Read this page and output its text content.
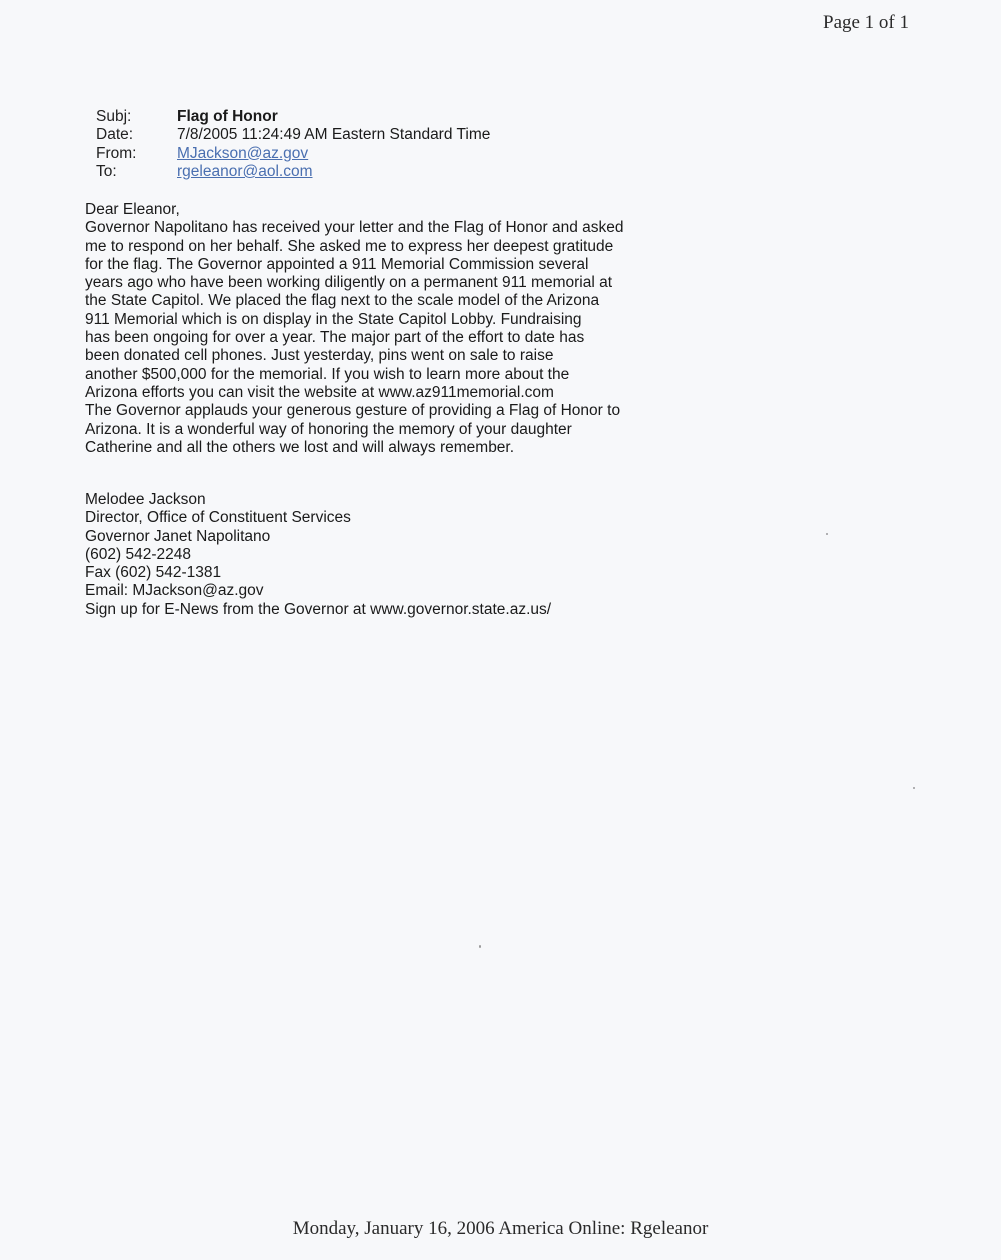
Page 1 of 1
Subj:	Flag of Honor
Date:	7/8/2005 11:24:49 AM Eastern Standard Time
From:	MJackson@az.gov
To:	rgeleanor@aol.com
Dear Eleanor,
Governor Napolitano has received your letter and the Flag of Honor and asked
me to respond on her behalf. She asked me to express her deepest gratitude
for the flag. The Governor appointed a 911 Memorial Commission several
years ago who have been working diligently on a permanent 911 memorial at
the State Capitol. We placed the flag next to the scale model of the Arizona
911 Memorial which is on display in the State Capitol Lobby. Fundraising
has been ongoing for over a year. The major part of the effort to date has
been donated cell phones. Just yesterday, pins went on sale to raise
another $500,000 for the memorial. If you wish to learn more about the
Arizona efforts you can visit the website at www.az911memorial.com
The Governor applauds your generous gesture of providing a Flag of Honor to
Arizona. It is a wonderful way of honoring the memory of your daughter
Catherine and all the others we lost and will always remember.
Melodee Jackson
Director, Office of Constituent Services
Governor Janet Napolitano
(602) 542-2248
Fax (602) 542-1381
Email: MJackson@az.gov
Sign up for E-News from the Governor at www.governor.state.az.us/
Monday, January 16, 2006 America Online: Rgeleanor
